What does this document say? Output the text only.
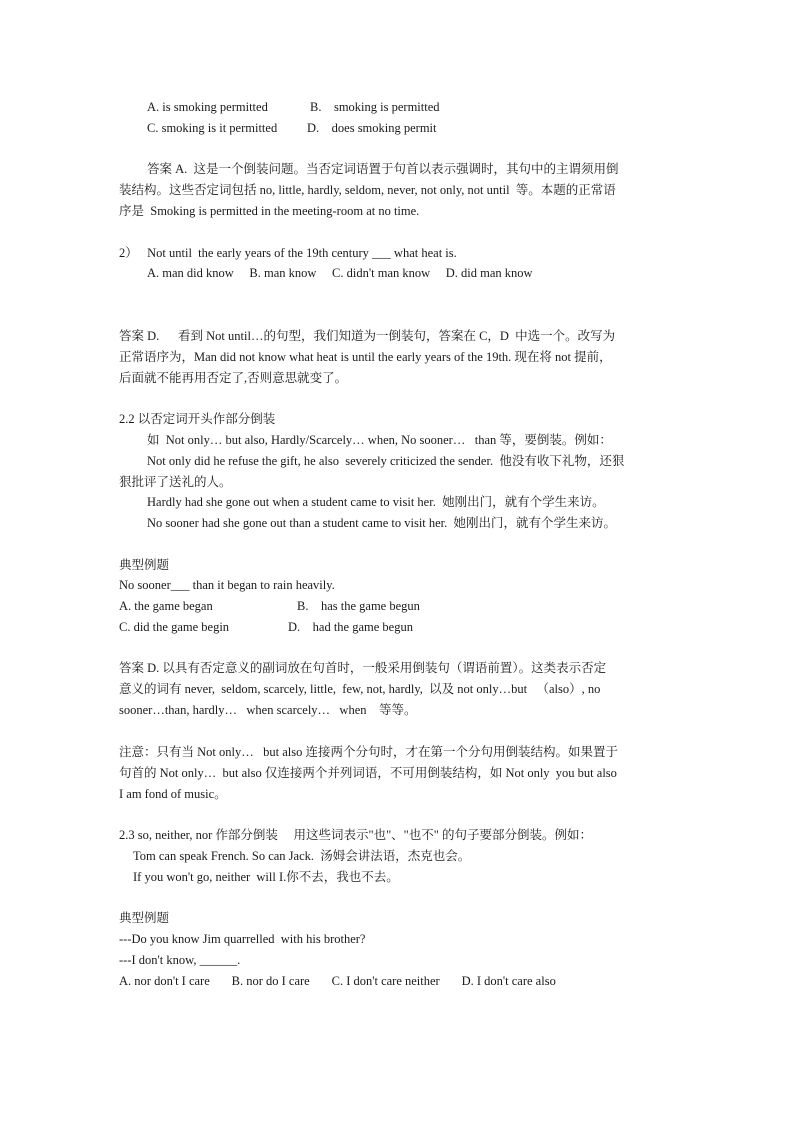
A. is smoking permitted	B.    smoking is permitted
C. smoking is it permitted D.    does smoking permit
答案 A.  这是一个倒装问题。当否定词语置于句首以表示强调时，其句中的主谓须用倒
装结构。这些否定词包括 no, little, hardly, seldom, never, not only, not until  等。本题的正常语
序是  Smoking is permitted in the meeting-room at no time.
2）   Not until  the early years of the 19th century ___ what heat is.
A. man did know     B. man know     C. didn't man know     D. did man know
答案 D.      看到 Not until…的句型，我们知道为一倒装句，答案在 C，D  中选一个。改写为
正常语序为，Man did not know what heat is until the early years of the 19th. 现在将 not 提前，
后面就不能再用否定了,否则意思就变了。
2.2 以否定词开头作部分倒装
如  Not only… but also, Hardly/Scarcely… when, No sooner…   than 等，要倒装。例如：
Not only did he refuse the gift, he also  severely criticized the sender.  他没有收下礼物，还狠
狠批评了送礼的人。
Hardly had she gone out when a student came to visit her.  她刚出门，就有个学生来访。
No sooner had she gone out than a student came to visit her.  她刚出门，就有个学生来访。
典型例题
No sooner___ than it began to rain heavily.
A. the game began	B.    has the game begun
C. did the game begin	D.    had the game begun
答案 D. 以具有否定意义的副词放在句首时，一般采用倒装句（谓语前置）。这类表示否定
意义的词有 never,  seldom, scarcely, little,  few, not, hardly,  以及 not only…but   （also）, no
sooner…than, hardly…   when scarcely…   when    等等。
注意：只有当 Not only…   but also 连接两个分句时，才在第一个分句用倒装结构。如果置于
句首的 Not only…  but also 仅连接两个并列词语，不可用倒装结构，如 Not only  you but also
I am fond of music。
2.3 so, neither, nor 作部分倒装     用这些词表示"也"、"也不" 的句子要部分倒装。例如：
Tom can speak French. So can Jack.  汤姆会讲法语，杰克也会。
If you won't go, neither  will I.你不去，我也不去。
典型例题
---Do you know Jim quarrelled  with his brother?
---I don't know, ______.
A. nor don't I care       B. nor do I care       C. I don't care neither       D. I don't care also
